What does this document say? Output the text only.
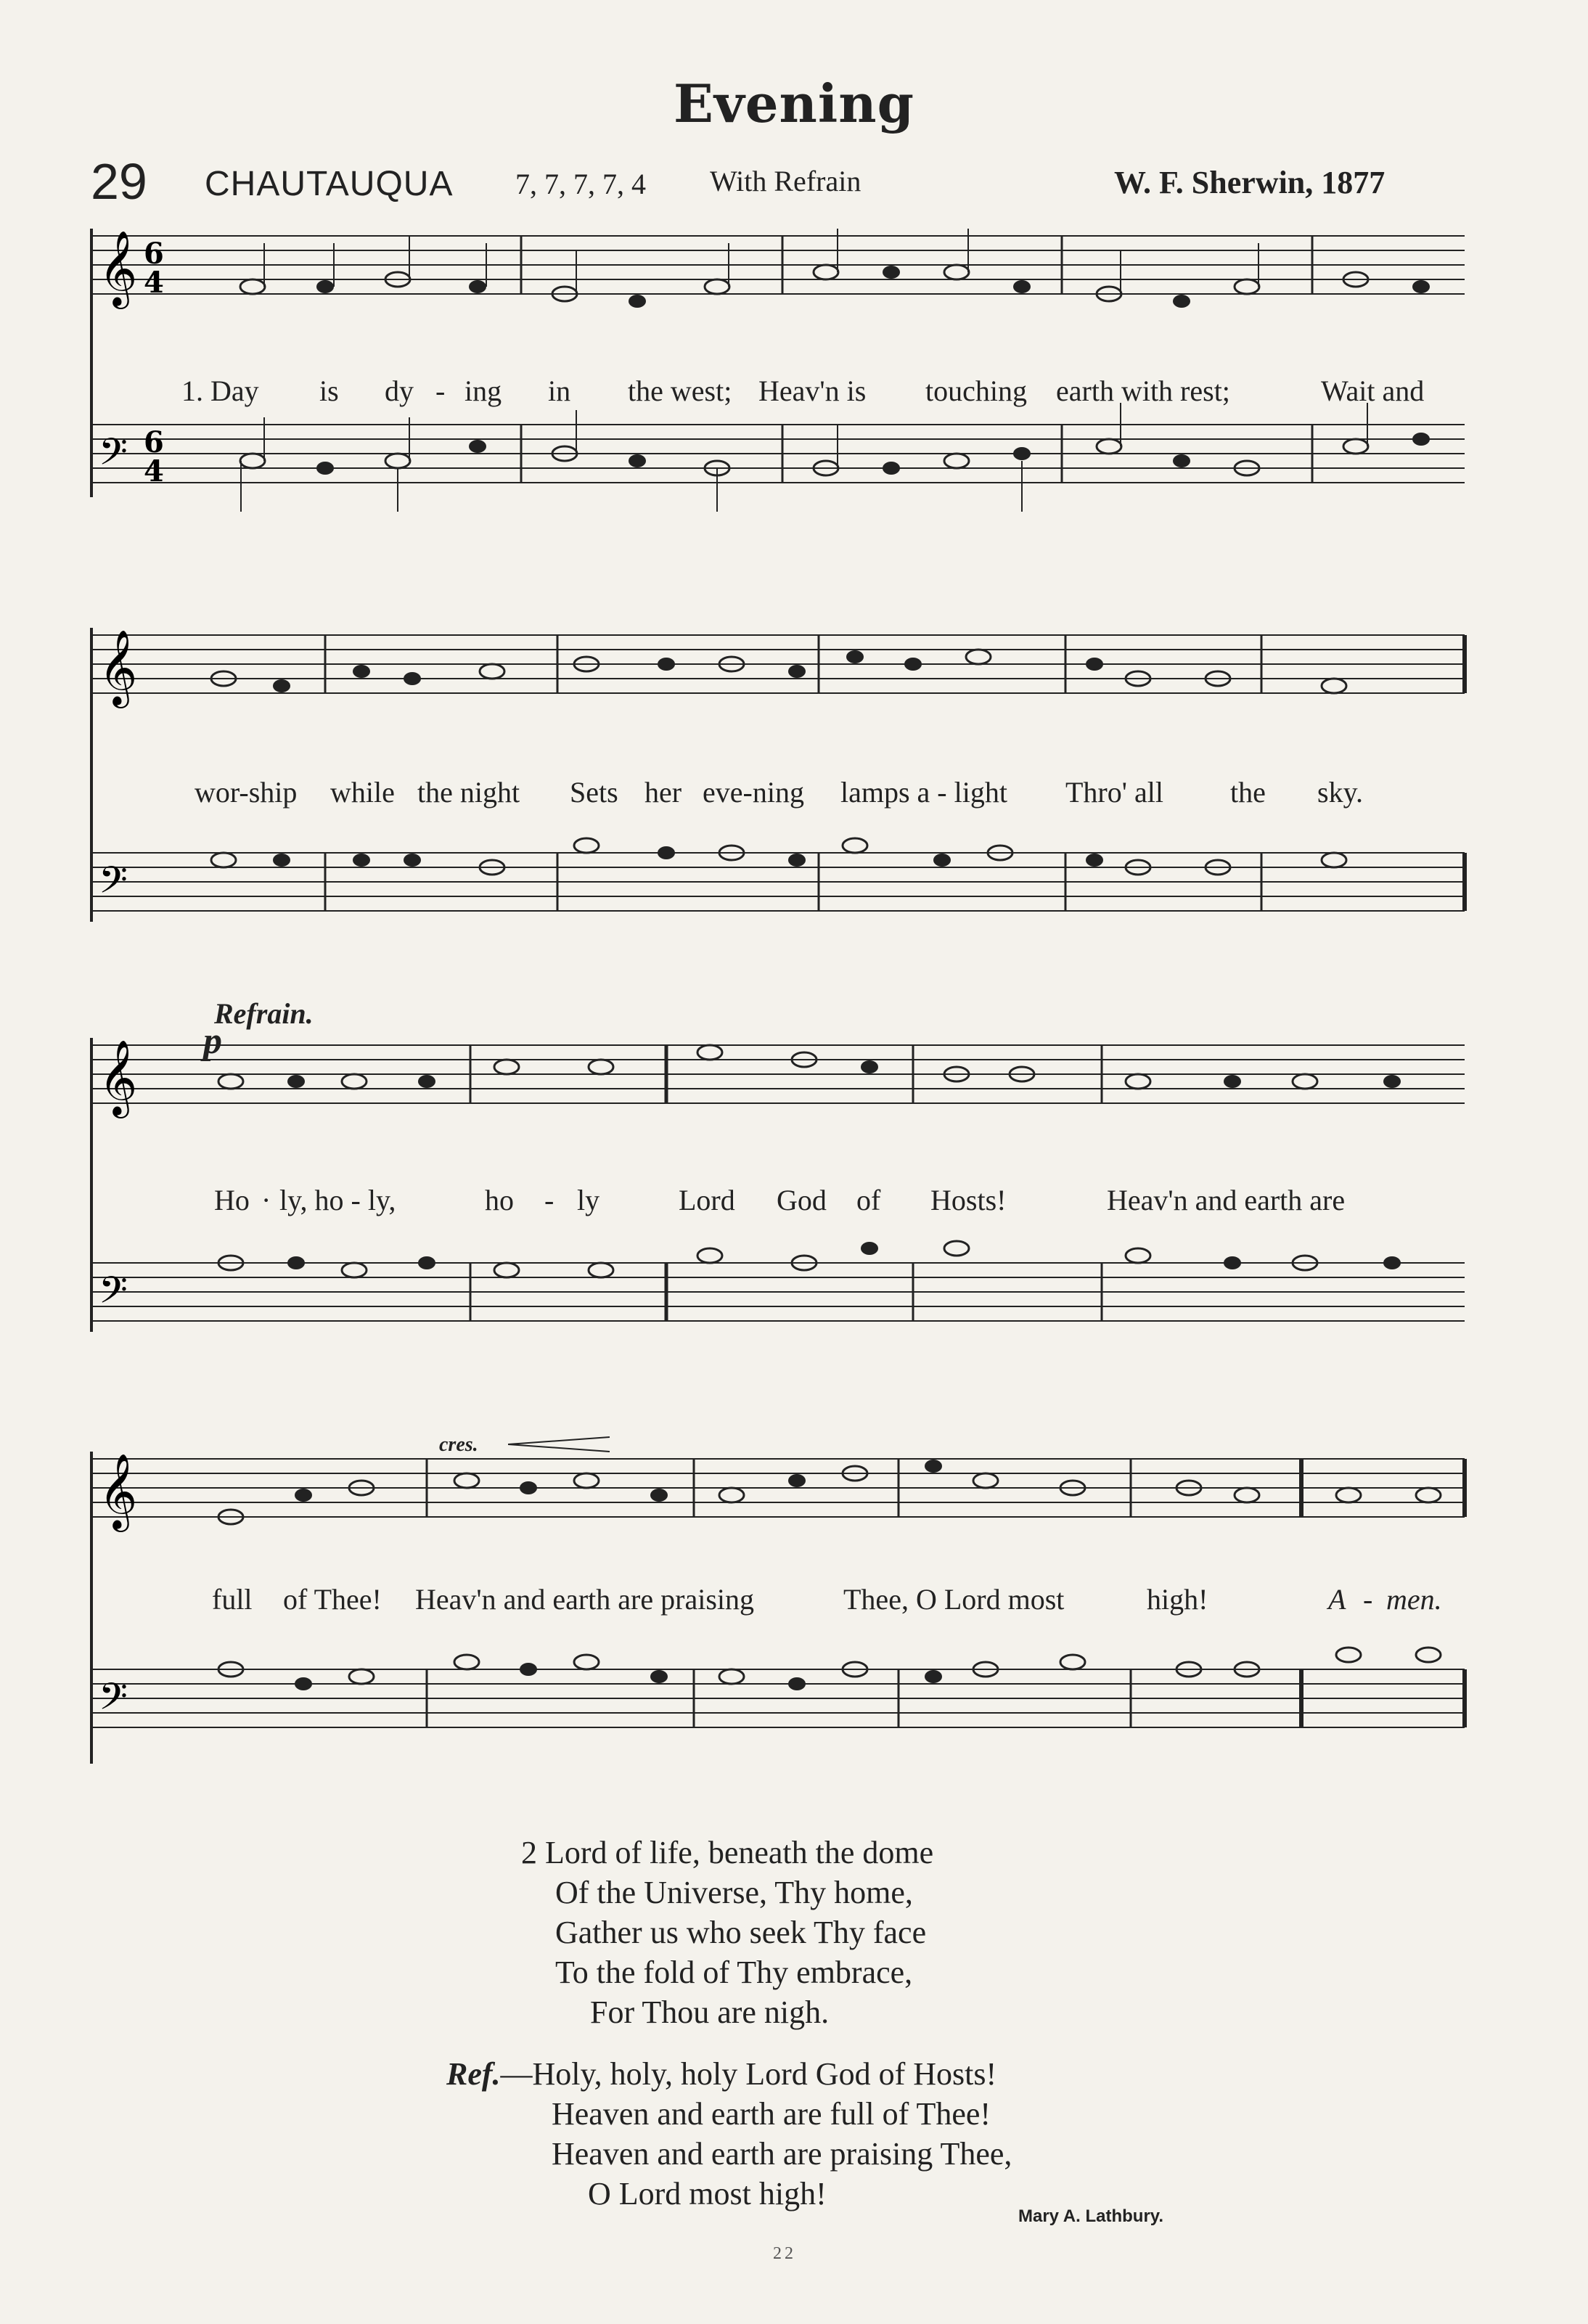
Evening
29 CHAUTAUQUA 7, 7, 7, 7, 4 With Refrain	W. F. Sherwin, 1877
𝄞
𝄢
6
4
6
4
1. Day is dy - ing in the west; Heav'n is touching earth with rest;	Wait and
𝄞
𝄢
wor-ship while the night Sets her eve-ning lamps a - light Thro' all the sky.
Refrain.
p
𝄞
𝄢
Ho · ly, ho - ly,	ho - ly	Lord God of Hosts!	Heav'n and earth are
cres.
𝄞
𝄢
full of Thee! Heav'n and earth are praising	Thee, O Lord most	high!	A - men.
2 Lord of life, beneath the dome
Of the Universe, Thy home,
Gather us who seek Thy face
To the fold of Thy embrace,
For Thou are nigh.
Ref.—Holy, holy, holy Lord God of Hosts!
Heaven and earth are full of Thee!
Heaven and earth are praising Thee,
O Lord most high!
Mary A. Lathbury.
22
